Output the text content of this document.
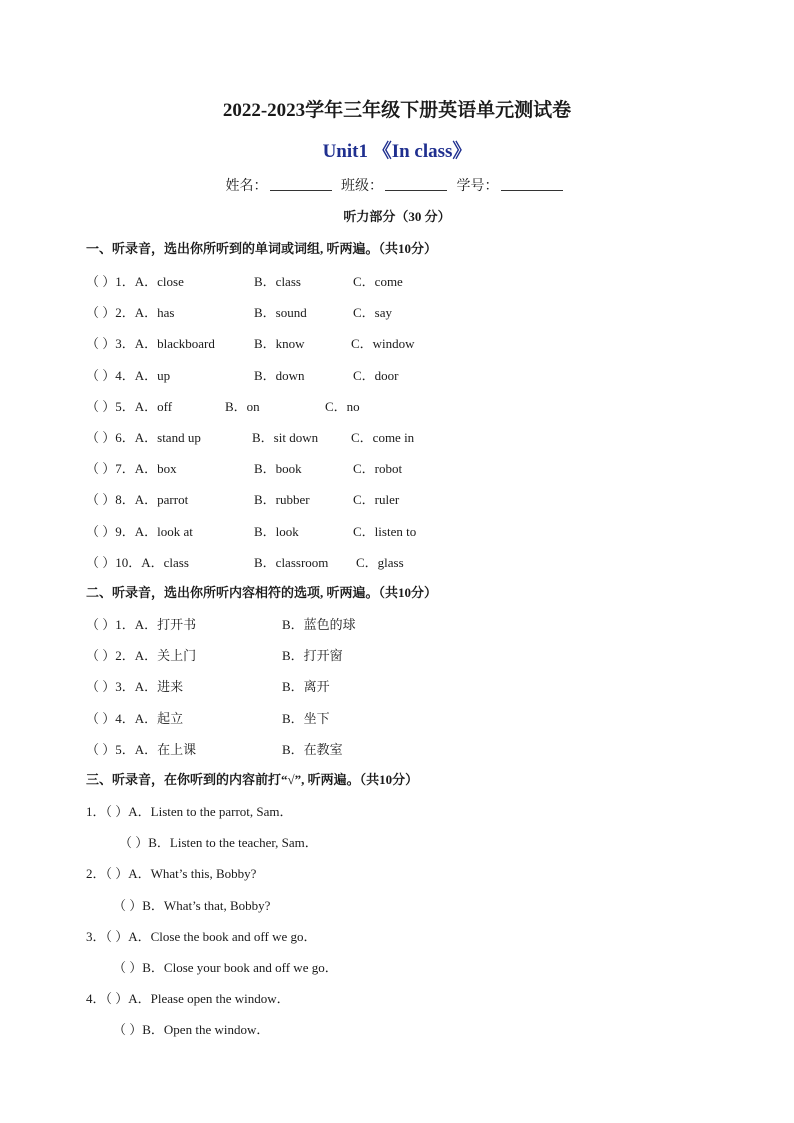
2022-2023学年三年级下册英语单元测试卷
Unit1 《In class》
姓名：	班级：	学号：
听力部分（30 分）
一、听录音，选出你所听到的单词或词组, 听两遍。（共10分）
（ ）1．A．close	B．class	C．come
（ ）2．A．has	B．sound	C．say
（ ）3．A．blackboard	B．know	C．window
（ ）4．A．up	B．down	C．door
（ ）5．A．off	B．on	C．no
（ ）6．A．stand up	B．sit down	C．come in
（ ）7．A．box	B．book	C．robot
（ ）8．A．parrot	B．rubber	C．ruler
（ ）9．A．look at	B．look	C．listen to
（ ）10．A．class	B．classroom C．glass
二、听录音，选出你所听内容相符的选项, 听两遍。（共10分）
（ ）1．A．打开书	B．蓝色的球
（ ）2．A．关上门	B．打开窗
（ ）3．A．进来	B．离开
（ ）4．A．起立	B．坐下
（ ）5．A．在上课	B．在教室
三、听录音，在你听到的内容前打“√”, 听两遍。（共10分）
1．（ ）A．Listen to the parrot, Sam．
（ ）B．Listen to the teacher, Sam．
2．（ ）A．What’s this, Bobby?
（ ）B．What’s that, Bobby?
3．（ ）A．Close the book and off we go．
（ ）B．Close your book and off we go．
4．（ ）A．Please open the window．
（ ）B．Open the window．
